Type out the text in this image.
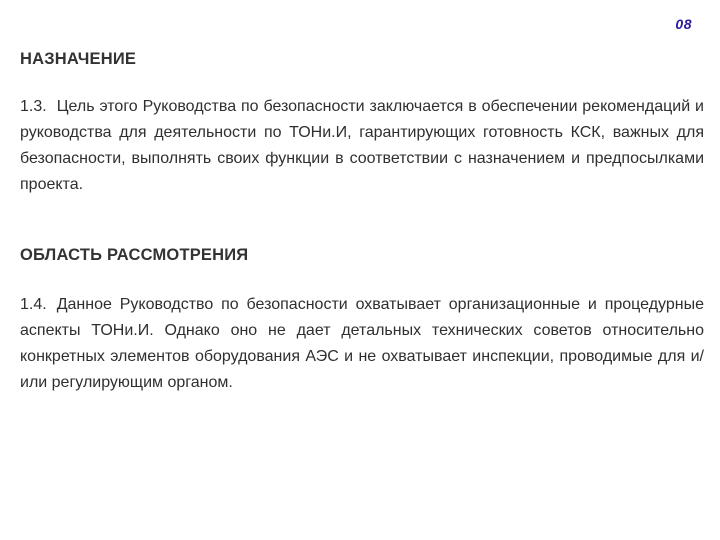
08
НАЗНАЧЕНИЕ

1.3. Цель этого Руководства по безопасности заключается в обеспечении рекомендаций и руководства для деятельности по ТОНи.И, гарантирующих готовность КСК, важных для безопасности, выполнять своих функции в соответствии с назначением и предпосылками проекта.

ОБЛАСТЬ РАССМОТРЕНИЯ

1.4. Данное Руководство по безопасности охватывает организационные и процедурные аспекты ТОНи.И. Однако оно не дает детальных технических советов относительно конкретных элементов оборудования АЭС и не охватывает инспекции, проводимые для и/или регулирующим органом.
